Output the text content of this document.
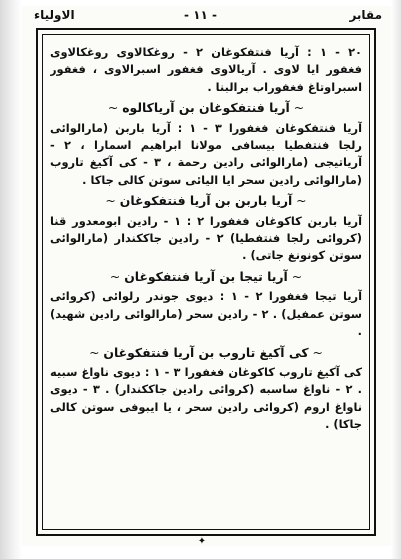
مقابر
- ۱۱ -
الاولیاء

۲۰ - ۱ : آریا فنتفکوغان ۲ - روغکالاوی روغکالاوی فغفور ایا لاوی . آریالاوی فغفور اسبرالاوی ، فغفور اسبراوتاغ فغفوراب برالبنا .

~ آریا فنتفکوغان بن آریاکالوه ~

آریا فنتفکوغان فغفورا ۳ - ۱ : آریا باربن (مارالوائی رلجا فنتفطیا بیسافی مولانا ابراهیم اسمارا ، ۲ - آریاتیجی (مارالوائی رادین رحمة ، ۳ - کی آکیغ تاروب (مارالوائی رادین سحر ایا الیائی سوتن کالی جاکا .

~ آریا باربن بن آریا فنتفکوغان ~

آریا باربن کاکوغان فغفورا ۲ : ۱ - رادین ابومعدور قنا (کروائی رلجا فنتفطیا) ۲ - رادین جاککندار (مارالوائی سوتن کونونغ جاتی) .

~ آریا تیجا بن آریا فنتفکوغان ~

آریا تیجا فغفورا ۲ - ۱ : دیوی جوندر رلوائی (کروائی سوتن عمفیل) . ۲ - رادین سحر (مارالوائی رادین شهید) .

~ کی آکیغ تاروب بن آریا فنتفکوغان ~

کی آکیغ تاروب کاکوغان فغفورا ۳ - ۱ : دیوی ناواغ سبیه . ۲ - ناواغ ساسبه (کروائی رادین جاککندار) . ۳ - دیوی ناواغ اروم (کروائی رادین سحر ، یا ایبوفی سوتن کالی جاکا) .

✦
